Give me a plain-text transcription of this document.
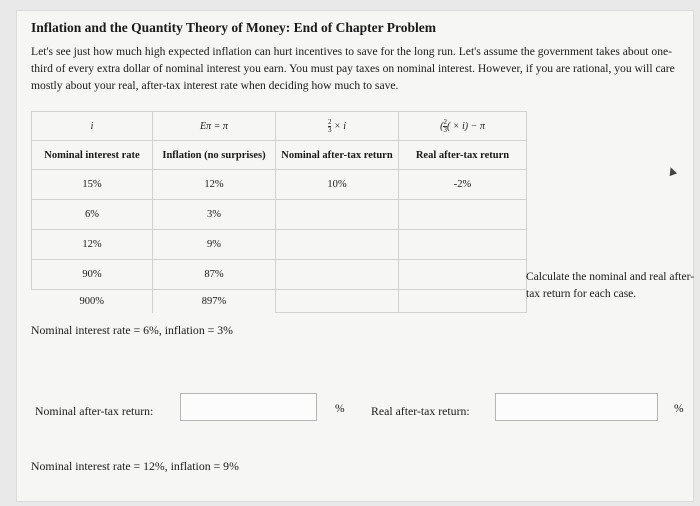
Inflation and the Quantity Theory of Money: End of Chapter Problem
Let's see just how much high expected inflation can hurt incentives to save for the long run. Let's assume the government takes about one-third of every extra dollar of nominal interest you earn. You must pay taxes on nominal interest. However, if you are rational, you will care mostly about your real, after-tax interest rate when deciding how much to save.
i	Eπ = π	$\frac{2}{3} \times i$	( $\frac{2}{3}$ ( × i) − π
Nominal interest rate	Inflation (no surprises)	Nominal after-tax return	Real after-tax return
15%	12%	10%	-2%
6%	3%		
12%	9%		
90%	87%		
900%	897%		
Calculate the nominal and real after-tax return for each case.
Nominal interest rate = 6%, inflation = 3%
Nominal after-tax return:	% Real after-tax return:	%
Nominal interest rate = 12%, inflation = 9%
